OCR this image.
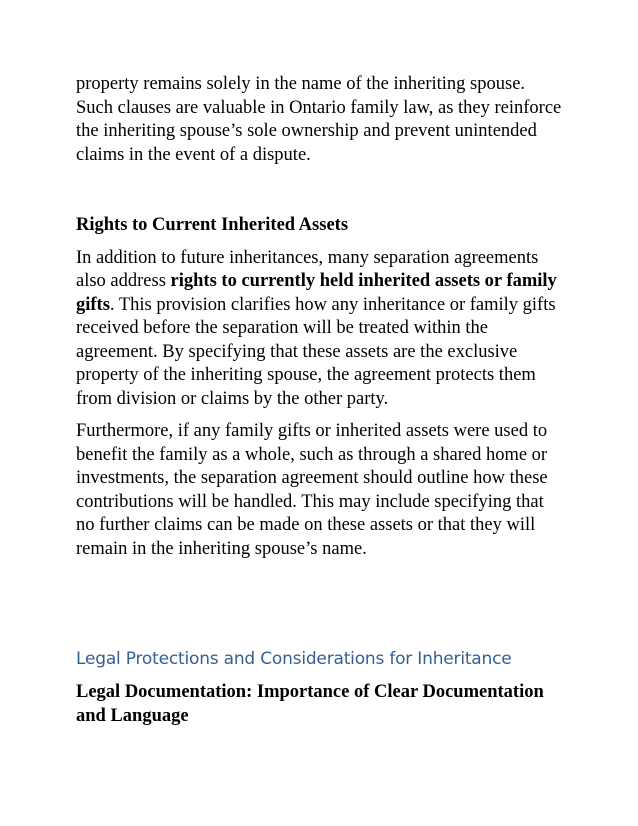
property remains solely in the name of the inheriting spouse. Such clauses are valuable in Ontario family law, as they reinforce the inheriting spouse’s sole ownership and prevent unintended claims in the event of a dispute.

Rights to Current Inherited Assets

In addition to future inheritances, many separation agreements also address rights to currently held inherited assets or family gifts. This provision clarifies how any inheritance or family gifts received before the separation will be treated within the agreement. By specifying that these assets are the exclusive property of the inheriting spouse, the agreement protects them from division or claims by the other party.

Furthermore, if any family gifts or inherited assets were used to benefit the family as a whole, such as through a shared home or investments, the separation agreement should outline how these contributions will be handled. This may include specifying that no further claims can be made on these assets or that they will remain in the inheriting spouse’s name.

Legal Protections and Considerations for Inheritance

Legal Documentation: Importance of Clear Documentation and Language
